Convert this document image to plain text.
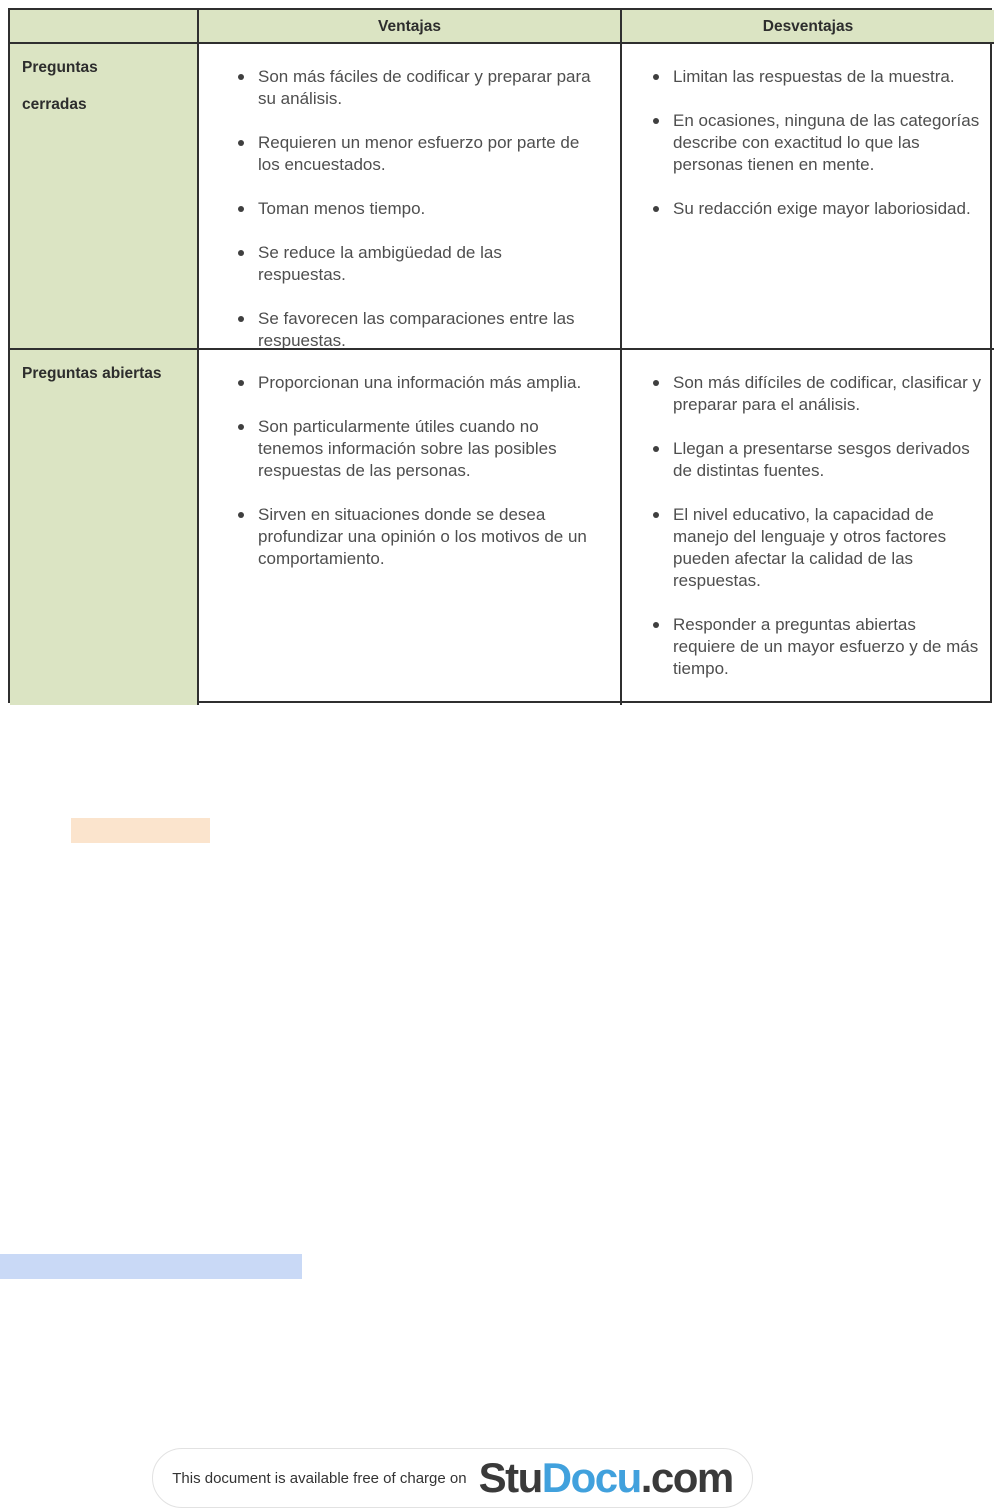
Ventajas	Desventajas
Preguntas
cerradas
Son más fáciles de codificar y preparar para su análisis.
Requieren un menor esfuerzo por parte de los encuestados.
Toman menos tiempo.
Se reduce la ambigüedad de las respuestas.
Se favorecen las comparaciones entre las respuestas.
Limitan las respuestas de la muestra.
En ocasiones, ninguna de las categorías describe con exactitud lo que las personas tienen en mente.
Su redacción exige mayor laboriosidad.
Preguntas abiertas	Proporcionan una información más amplia.
Son particularmente útiles cuando no tenemos información sobre las posibles respuestas de las personas.
Sirven en situaciones donde se desea profundizar una opinión o los motivos de un comportamiento.
Son más difíciles de codificar, clasificar y preparar para el análisis.
Llegan a presentarse sesgos derivados de distintas fuentes.
El nivel educativo, la capacidad de manejo del lenguaje y otros factores pueden afectar la calidad de las respuestas.
Responder a preguntas abiertas requiere de un mayor esfuerzo y de más tiempo.
This document is available free of charge on StuDocu.com
